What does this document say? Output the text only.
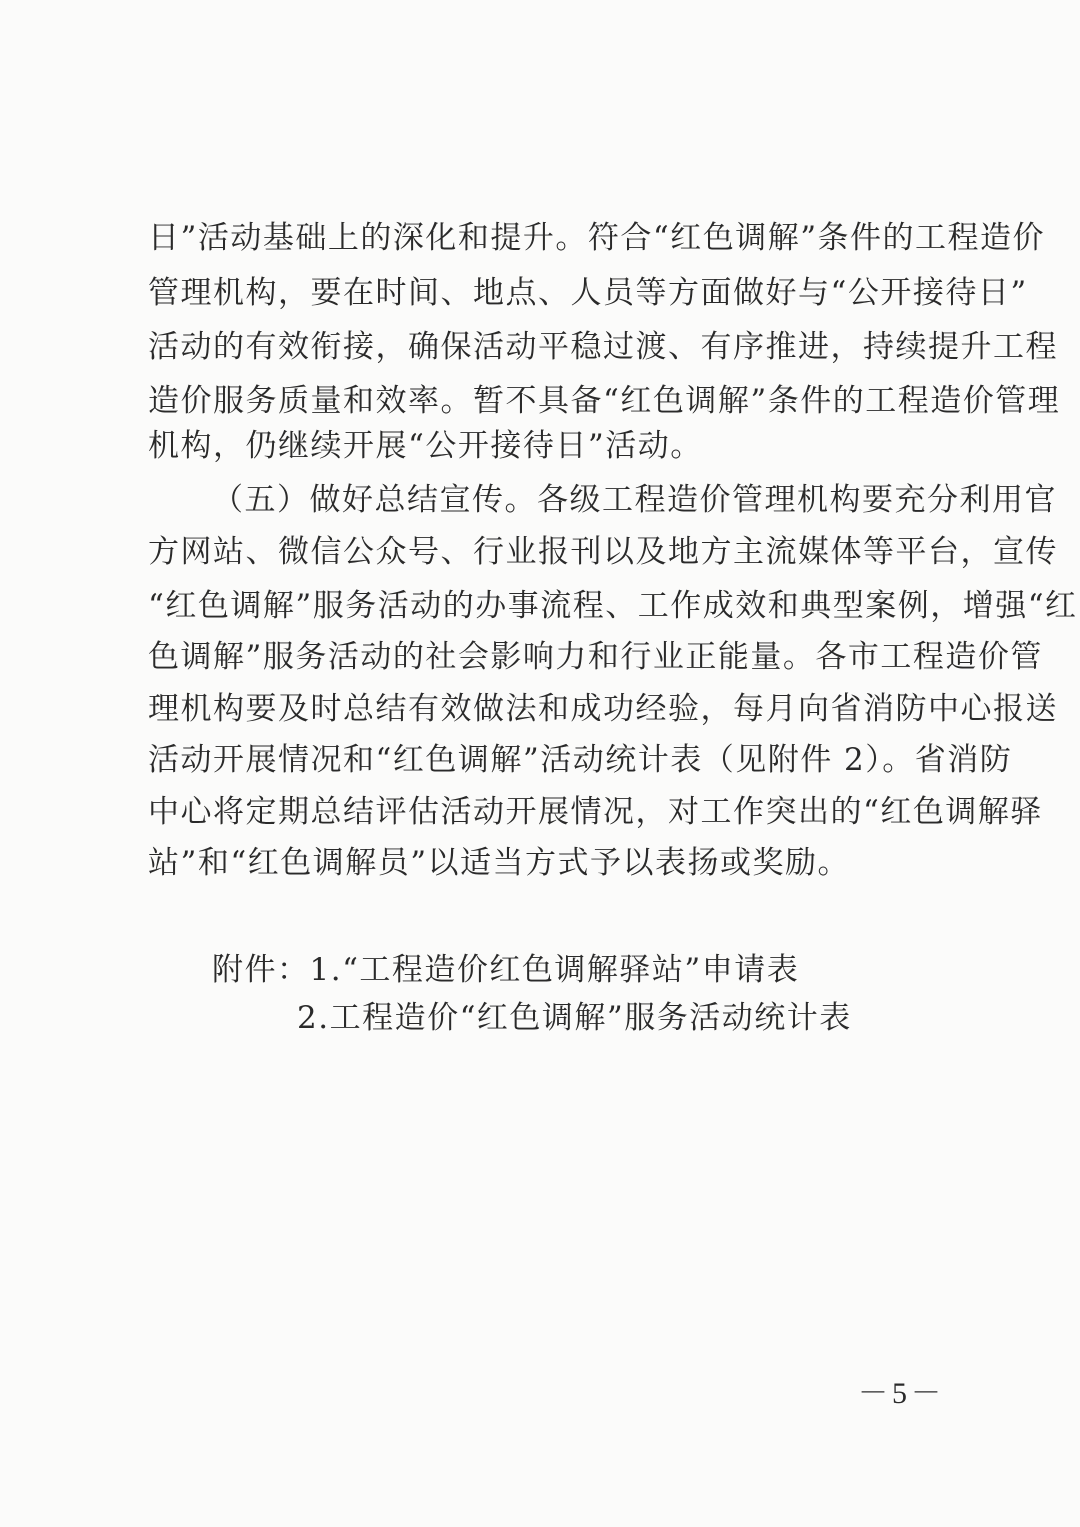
日”活动基础上的深化和提升。符合“红色调解”条件的工程造价
管理机构，要在时间、地点、人员等方面做好与“公开接待日”
活动的有效衔接，确保活动平稳过渡、有序推进，持续提升工程
造价服务质量和效率。暂不具备“红色调解”条件的工程造价管理
机构，仍继续开展“公开接待日”活动。
（五）做好总结宣传。各级工程造价管理机构要充分利用官
方网站、微信公众号、行业报刊以及地方主流媒体等平台，宣传
“红色调解”服务活动的办事流程、工作成效和典型案例，增强“红
色调解”服务活动的社会影响力和行业正能量。各市工程造价管
理机构要及时总结有效做法和成功经验，每月向省消防中心报送
活动开展情况和“红色调解”活动统计表（见附件 2）。省消防
中心将定期总结评估活动开展情况，对工作突出的“红色调解驿
站”和“红色调解员”以适当方式予以表扬或奖励。
附件：1.“工程造价红色调解驿站”申请表
2.工程造价“红色调解”服务活动统计表
－5－
